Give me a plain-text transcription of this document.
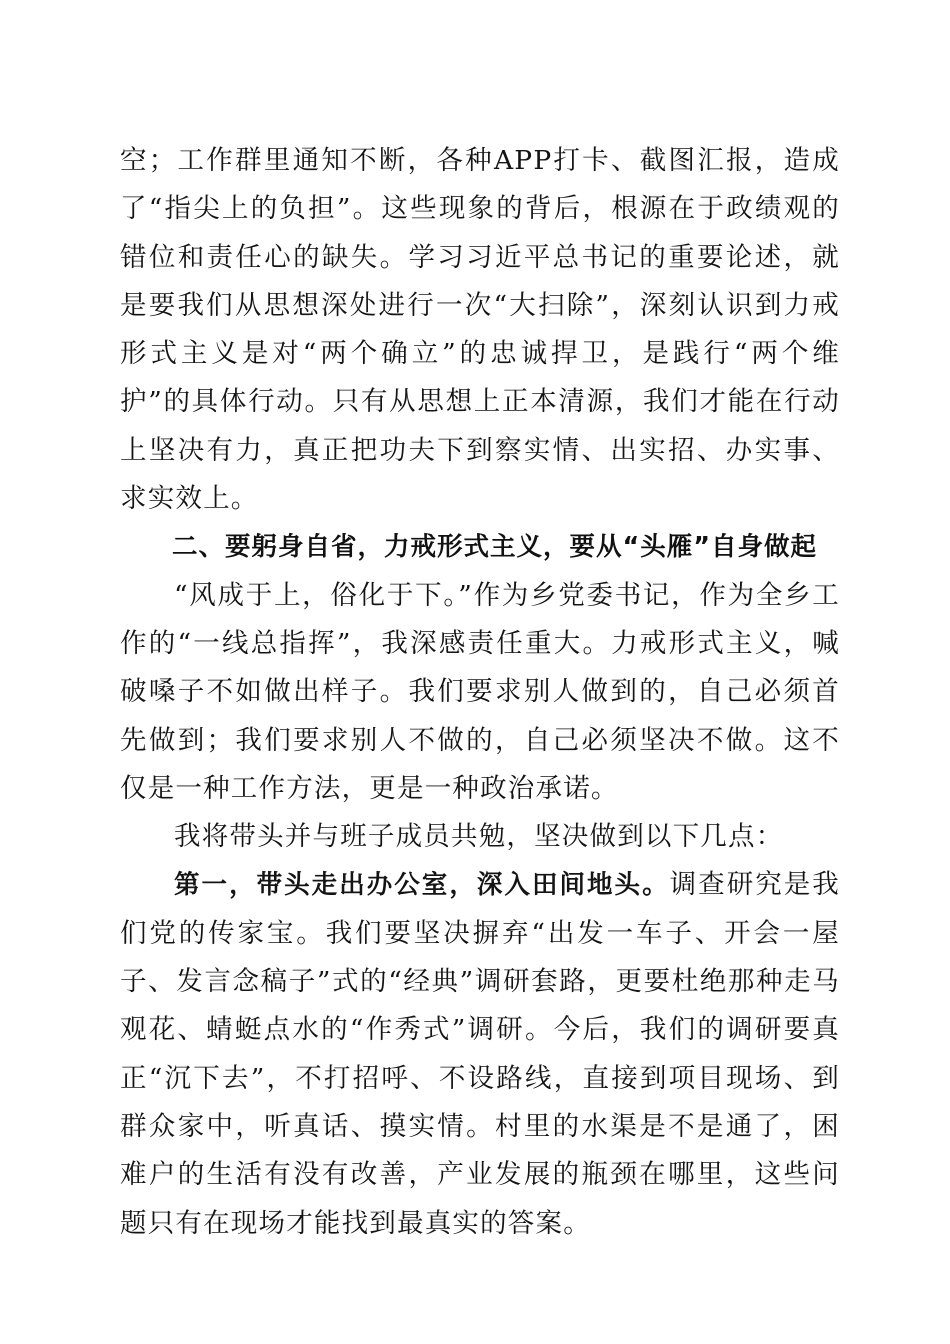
空；工作群里通知不断，各种APP打卡、截图汇报，造成了“指尖上的负担”。这些现象的背后，根源在于政绩观的错位和责任心的缺失。学习习近平总书记的重要论述，就是要我们从思想深处进行一次“大扫除”，深刻认识到力戒形式主义是对“两个确立”的忠诚捍卫，是践行“两个维护”的具体行动。只有从思想上正本清源，我们才能在行动上坚决有力，真正把功夫下到察实情、出实招、办实事、求实效上。

二、要躬身自省，力戒形式主义，要从“头雁”自身做起

“风成于上，俗化于下。”作为乡党委书记，作为全乡工作的“一线总指挥”，我深感责任重大。力戒形式主义，喊破嗓子不如做出样子。我们要求别人做到的，自己必须首先做到；我们要求别人不做的，自己必须坚决不做。这不仅是一种工作方法，更是一种政治承诺。

我将带头并与班子成员共勉，坚决做到以下几点：

第一，带头走出办公室，深入田间地头。调查研究是我们党的传家宝。我们要坚决摒弃“出发一车子、开会一屋子、发言念稿子”式的“经典”调研套路，更要杜绝那种走马观花、蜻蜓点水的“作秀式”调研。今后，我们的调研要真正“沉下去”，不打招呼、不设路线，直接到项目现场、到群众家中，听真话、摸实情。村里的水渠是不是通了，困难户的生活有没有改善，产业发展的瓶颈在哪里，这些问题只有在现场才能找到最真实的答案。
